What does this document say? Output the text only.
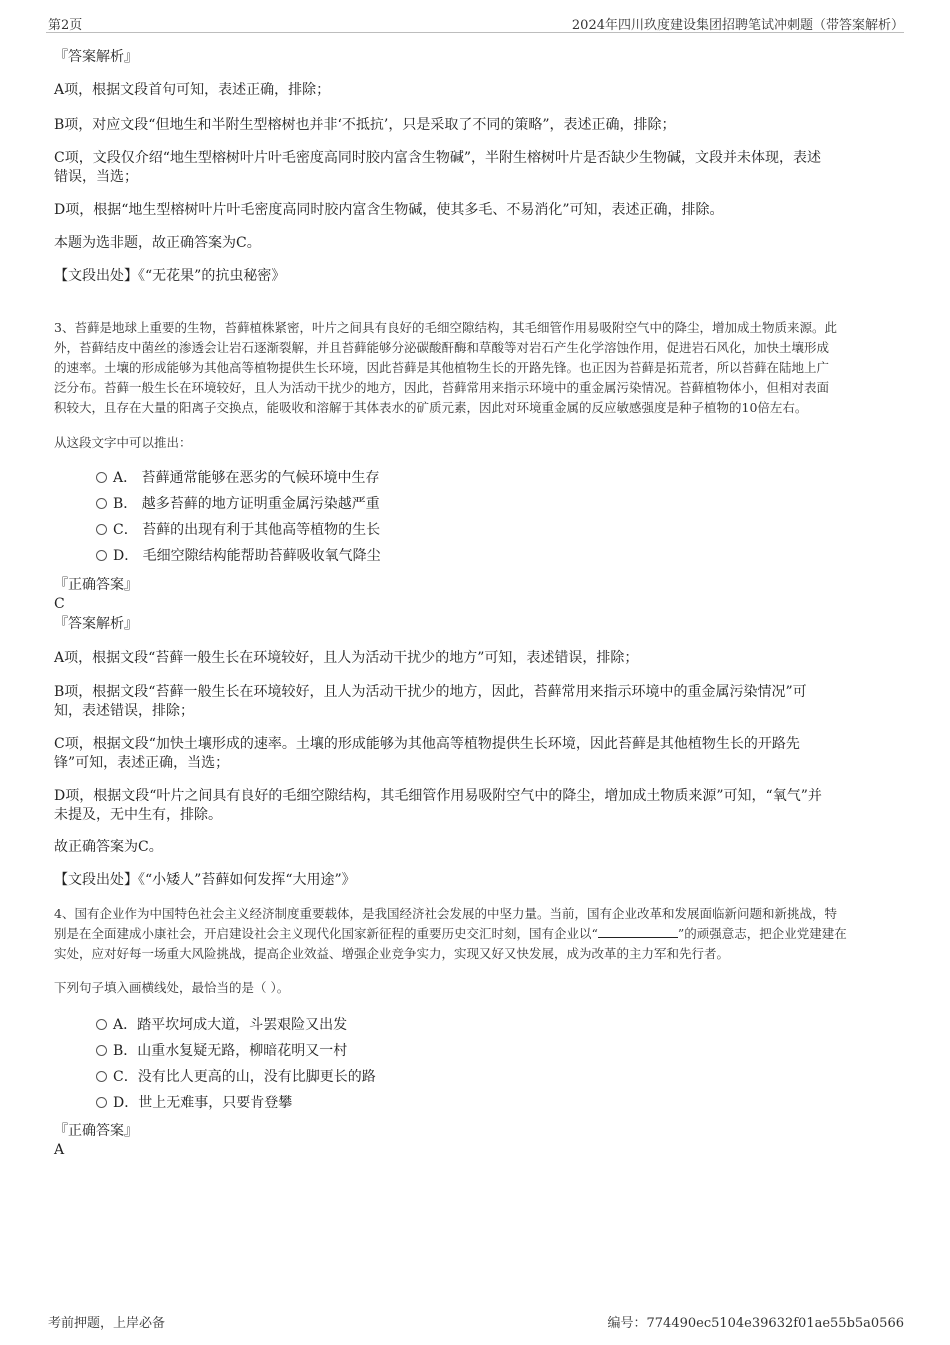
第2页	2024年四川玖度建设集团招聘笔试冲刺题（带答案解析）
『答案解析』
A项，根据文段首句可知，表述正确，排除；
B项，对应文段“但地生和半附生型榕树也并非‘不抵抗’，只是采取了不同的策略”，表述正确，排除；
C项，文段仅介绍“地生型榕树叶片叶毛密度高同时胶内富含生物碱”，半附生榕树叶片是否缺少生物碱，文段并未体现，表述
错误，当选；
D项，根据“地生型榕树叶片叶毛密度高同时胶内富含生物碱，使其多毛、不易消化”可知，表述正确，排除。
本题为选非题，故正确答案为C。
【文段出处】《“无花果”的抗虫秘密》
3、苔藓是地球上重要的生物，苔藓植株紧密，叶片之间具有良好的毛细空隙结构，其毛细管作用易吸附空气中的降尘，增加成土物质来源。此
外，苔藓结皮中菌丝的渗透会让岩石逐渐裂解，并且苔藓能够分泌碳酸酐酶和草酸等对岩石产生化学溶蚀作用，促进岩石风化，加快土壤形成
的速率。土壤的形成能够为其他高等植物提供生长环境，因此苔藓是其他植物生长的开路先锋。也正因为苔藓是拓荒者，所以苔藓在陆地上广
泛分布。苔藓一般生长在环境较好，且人为活动干扰少的地方，因此，苔藓常用来指示环境中的重金属污染情况。苔藓植物体小，但相对表面
积较大，且存在大量的阳离子交换点，能吸收和溶解于其体表水的矿质元素，因此对环境重金属的反应敏感强度是种子植物的10倍左右。
从这段文字中可以推出：
A． 苔藓通常能够在恶劣的气候环境中生存
B． 越多苔藓的地方证明重金属污染越严重
C． 苔藓的出现有利于其他高等植物的生长
D． 毛细空隙结构能帮助苔藓吸收氧气降尘
『正确答案』
C
『答案解析』
A项，根据文段“苔藓一般生长在环境较好，且人为活动干扰少的地方”可知，表述错误，排除；
B项，根据文段“苔藓一般生长在环境较好，且人为活动干扰少的地方，因此，苔藓常用来指示环境中的重金属污染情况”可
知，表述错误，排除；
C项，根据文段“加快土壤形成的速率。土壤的形成能够为其他高等植物提供生长环境，因此苔藓是其他植物生长的开路先
锋”可知，表述正确，当选；
D项，根据文段“叶片之间具有良好的毛细空隙结构，其毛细管作用易吸附空气中的降尘，增加成土物质来源”可知，“氧气”并
未提及，无中生有，排除。
故正确答案为C。
【文段出处】《“小矮人”苔藓如何发挥“大用途”》
4、国有企业作为中国特色社会主义经济制度重要载体，是我国经济社会发展的中坚力量。当前，国有企业改革和发展面临新问题和新挑战，特
别是在全面建成小康社会，开启建设社会主义现代化国家新征程的重要历史交汇时刻，国有企业以“	”的顽强意志，把企业党建建在
实处，应对好每一场重大风险挑战，提高企业效益、增强企业竞争实力，实现又好又快发展，成为改革的主力军和先行者。
下列句子填入画横线处，最恰当的是（ ）。
A．踏平坎坷成大道，斗罢艰险又出发
B．山重水复疑无路，柳暗花明又一村
C．没有比人更高的山，没有比脚更长的路
D．世上无难事，只要肯登攀
『正确答案』
A
考前押题，上岸必备	编号：774490ec5104e39632f01ae55b5a0566
